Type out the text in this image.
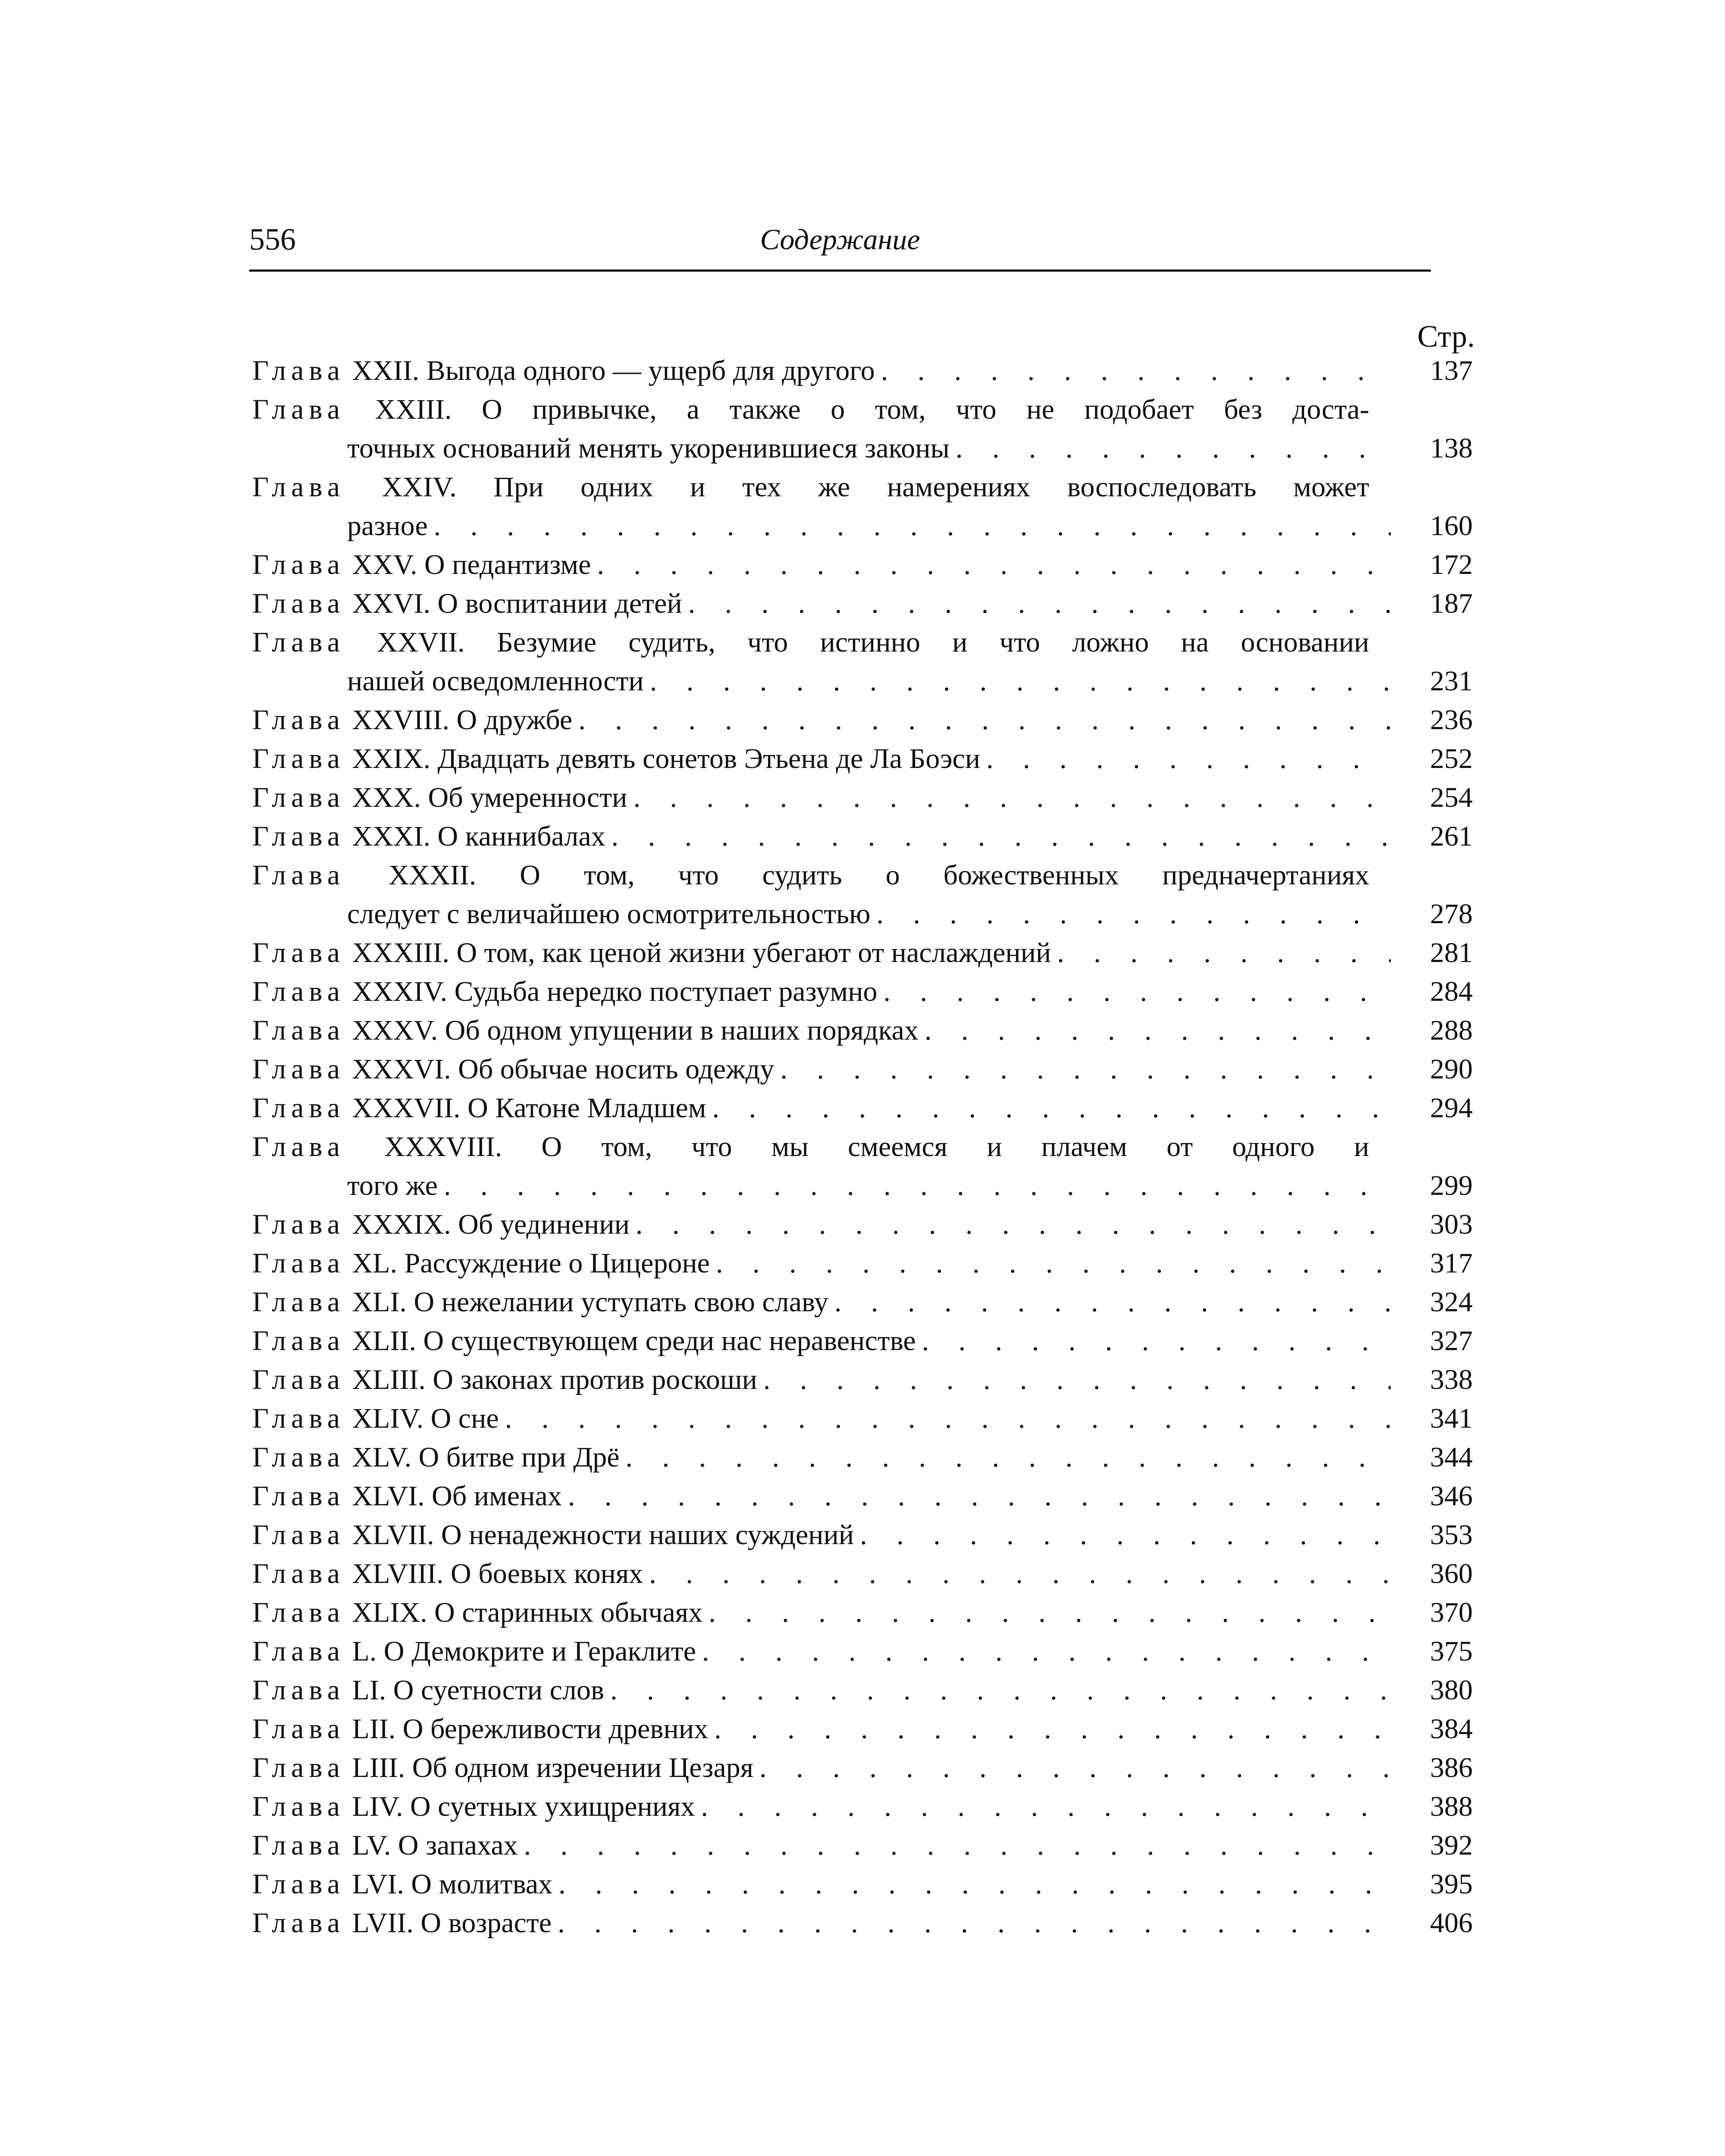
556	Содержание
Стр.
Глава
XXII. Выгода одного — ущерб для другого . . .	137
Глава XXIII. О привычке, а также о том, что не подобает без доста-
точных оснований менять укоренившиеся законы . . .	138
Глава XXIV. При одних и тех же намерениях воспоследовать может
разное . . .	160
Глава
XXV. О педантизме . . .	172
Глава
XXVI. О воспитании детей . . .	187
Глава XXVII. Безумие судить, что истинно и что ложно на основании
нашей осведомленности . . .	231
Глава
XXVIII. О дружбе . . .	236
Глава
XXIX. Двадцать девять сонетов Этьена де Ла Боэси . . .	252
Глава
XXX. Об умеренности . . .	254
Глава
XXXI. О каннибалах . . .	261
Глава XXXII. О том, что судить о божественных предначертаниях
следует с величайшею осмотрительностью . . .	278
Глава
XXXIII. О том, как ценой жизни убегают от наслаждений . . .	281
Глава
XXXIV. Судьба нередко поступает разумно . . .	284
Глава
XXXV. Об одном упущении в наших порядках . . .	288
Глава
XXXVI. Об обычае носить одежду . . .	290
Глава
XXXVII. О Катоне Младшем . . .	294
Глава XXXVIII. О том, что мы смеемся и плачем от одного и
того же . . .	299
Глава
XXXIX. Об уединении . . .	303
Глава
XL. Рассуждение о Цицероне . . .	317
Глава
XLI. О нежелании уступать свою славу . . .	324
Глава
XLII. О существующем среди нас неравенстве . . .	327
Глава
XLIII. О законах против роскоши . . .	338
Глава
XLIV. О сне . . .	341
Глава
XLV. О битве при Дрё . . .	344
Глава
XLVI. Об именах . . .	346
Глава
XLVII. О ненадежности наших суждений . . .	353
Глава
XLVIII. О боевых конях . . .	360
Глава
XLIX. О старинных обычаях . . .	370
Глава
L. О Демокрите и Гераклите . . .	375
Глава
LI. О суетности слов . . .	380
Глава
LII. О бережливости древних . . .	384
Глава
LIII. Об одном изречении Цезаря . . .	386
Глава
LIV. О суетных ухищрениях . . .	388
Глава
LV. О запахах . . .	392
Глава
LVI. О молитвах . . .	395
Глава
LVII. О возрасте . . .	406
